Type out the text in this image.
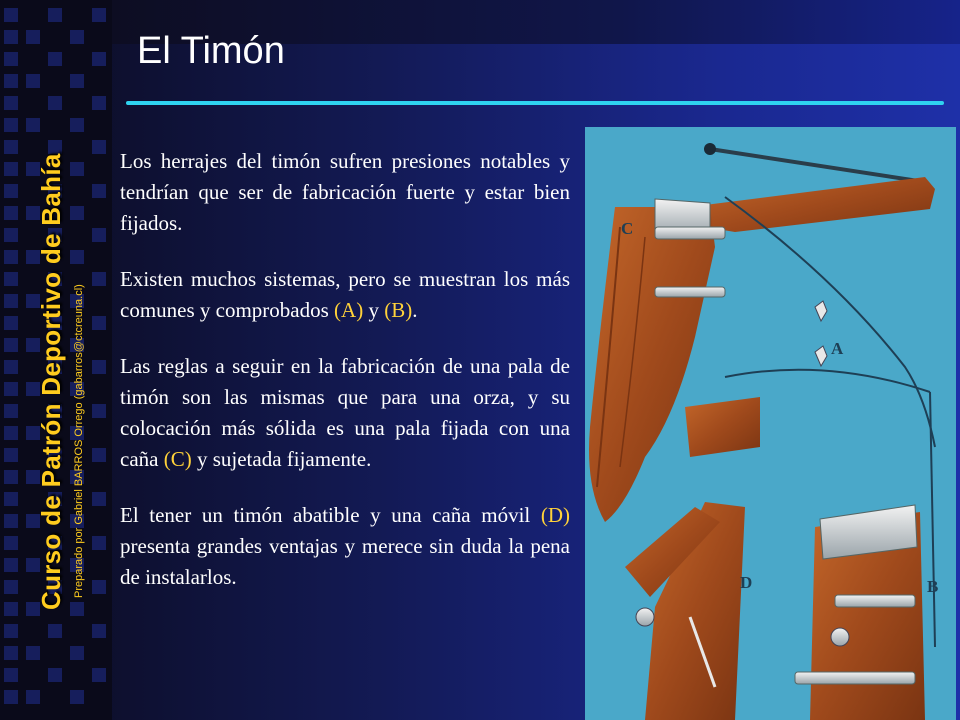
Curso de Patrón Deportivo de Bahía Preparado por Gabriel BARROS Orrego (gabarros@ctcreuna.cl)
El Timón

Los herrajes del timón sufren presiones notables y tendrían que ser de fabricación fuerte y estar bien fijados.

Existen muchos sistemas, pero se muestran los más comunes y comprobados (A) y (B).

Las reglas a seguir en la fabricación de una pala de timón son las mismas que para una orza, y su colocación más sólida es una pala fijada con una caña (C) y sujetada fijamente.

El tener un timón abatible y una caña móvil (D) presenta grandes ventajas y merece sin duda la pena de instalarlos.

C
A
D	B
